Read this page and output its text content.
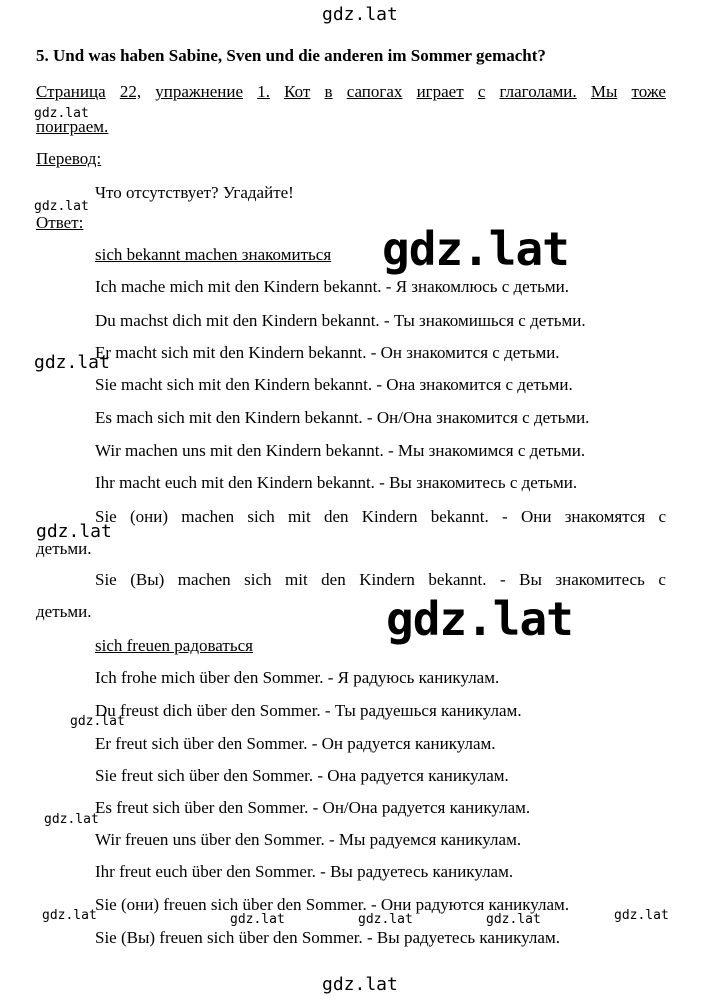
gdz.lat
gdz.lat
gdz.lat
gdz.lat
gdz.lat
gdz.lat
gdz.lat
gdz.lat
gdz.lat
gdz.lat	gdz.lat	gdz.lat	gdz.lat	gdz.lat
gdz.lat
5. Und was haben Sabine, Sven und die anderen im Sommer gemacht?
Страница 22, упражнение 1. Кот в сапогах играет с глаголами. Мы тоже
поиграем.
Перевод:
Что отсутствует? Угадайте!
Ответ:
sich bekannt machen знакомиться
Ich mache mich mit den Kindern bekannt. - Я знакомлюсь с детьми.
Du machst dich mit den Kindern bekannt. - Ты знакомишься с детьми.
Er macht sich mit den Kindern bekannt. - Он знакомится с детьми.
Sie macht sich mit den Kindern bekannt. - Она знакомится с детьми.
Es mach sich mit den Kindern bekannt. - Он/Она знакомится с детьми.
Wir machen uns mit den Kindern bekannt. - Мы знакомимся с детьми.
Ihr macht euch mit den Kindern bekannt. - Вы знакомитесь с детьми.
Sie (они) machen sich mit den Kindern bekannt. - Они знакомятся с
детьми.
Sie (Вы) machen sich mit den Kindern bekannt. - Вы знакомитесь с
детьми.
sich freuen радоваться
Ich frohe mich über den Sommer. - Я радуюсь каникулам.
Du freust dich über den Sommer. - Ты радуешься каникулам.
Er freut sich über den Sommer. - Он радуется каникулам.
Sie freut sich über den Sommer. - Она радуется каникулам.
Es freut sich über den Sommer. - Он/Она радуется каникулам.
Wir freuen uns über den Sommer. - Мы радуемся каникулам.
Ihr freut euch über den Sommer. - Вы радуетесь каникулам.
Sie (они) freuen sich über den Sommer. - Они радуются каникулам.
Sie (Вы) freuen sich über den Sommer. - Вы радуетесь каникулам.
